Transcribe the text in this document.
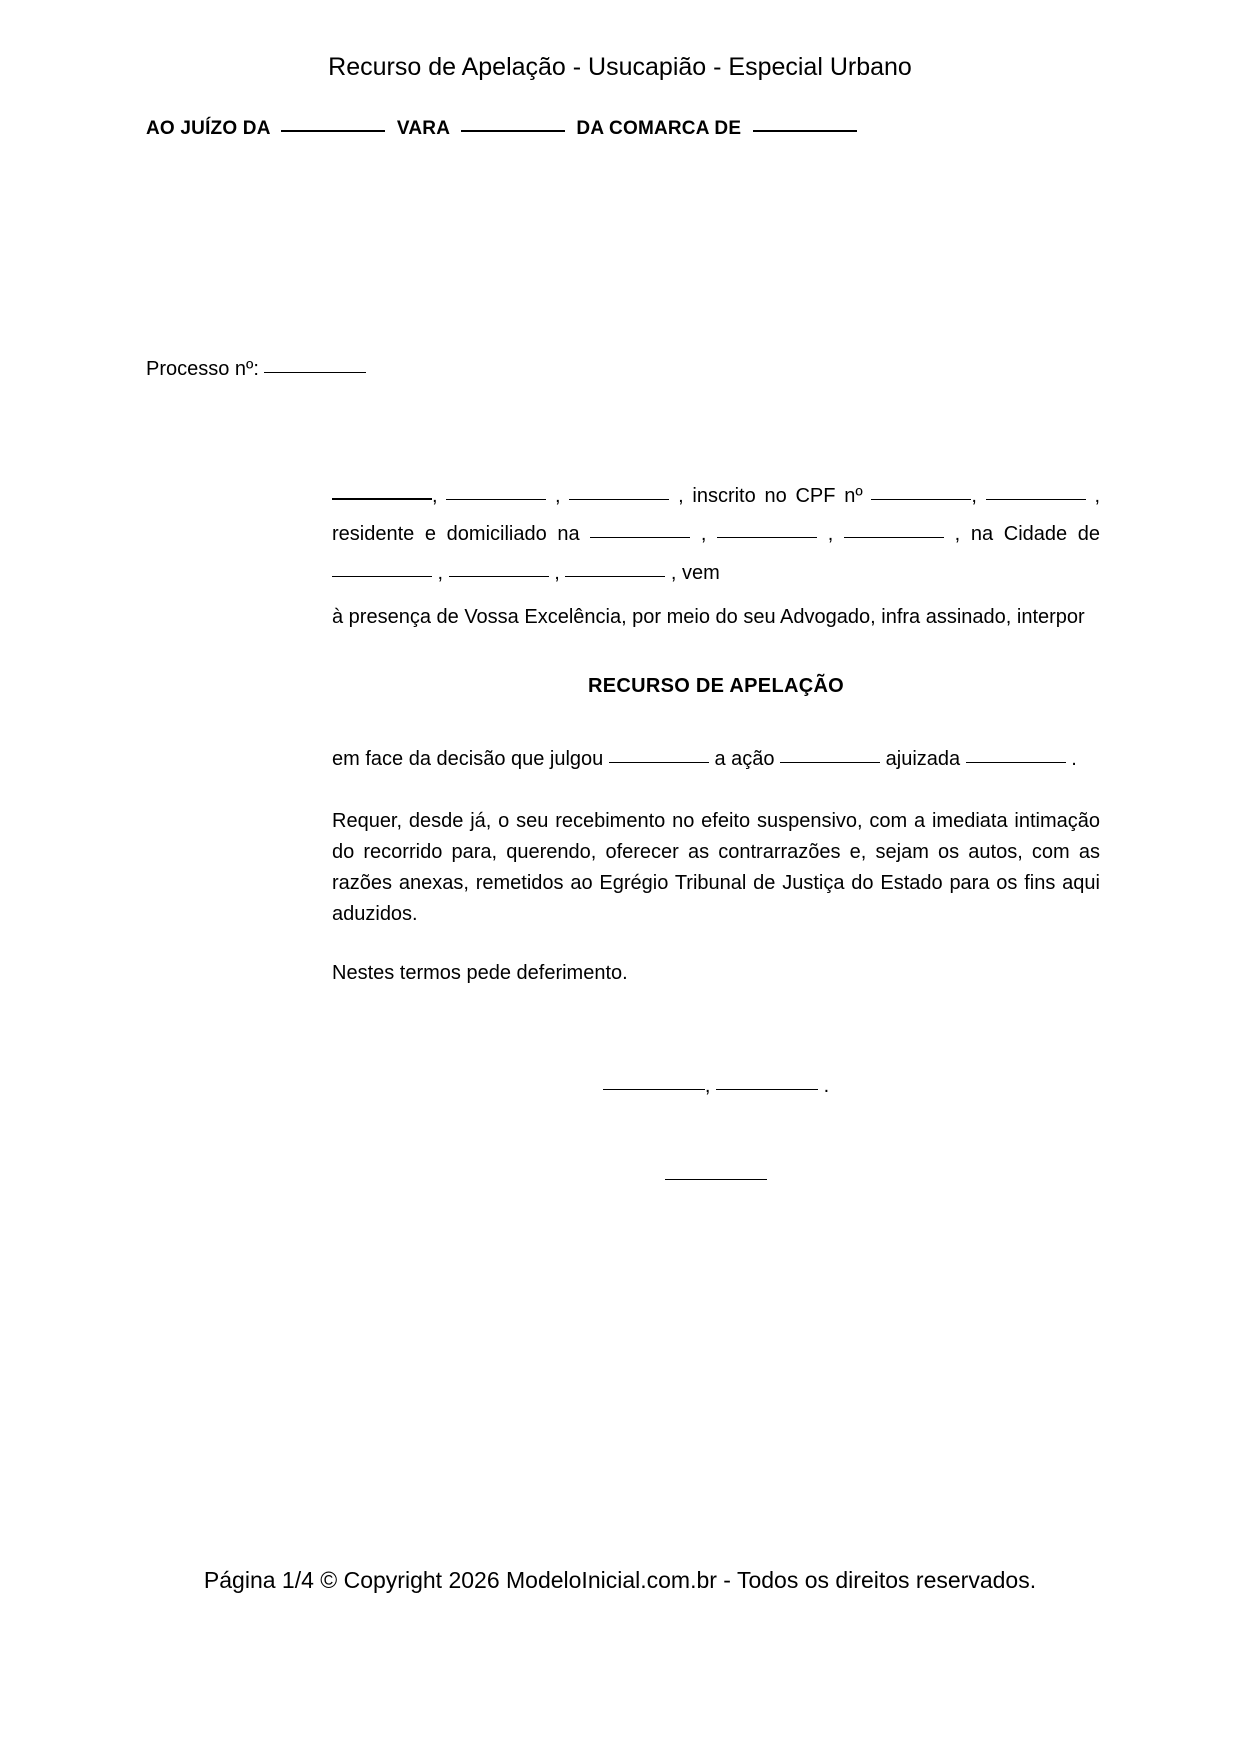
Recurso de Apelação - Usucapião - Especial Urbano
AO JUÍZO DA	VARA	DA COMARCA DE
Processo nº:
,	,	, inscrito no CPF nº	,	, residente e domiciliado na	,	,	, na Cidade de  ,	,	, vem
à presença de Vossa Excelência, por meio do seu Advogado, infra assinado, interpor
RECURSO DE APELAÇÃO
em face da decisão que julgou	a ação	ajuizada	.
Requer, desde já, o seu recebimento no efeito suspensivo, com a imediata intimação do recorrido para, querendo, oferecer as contrarrazões e, sejam os autos, com as razões anexas, remetidos ao Egrégio Tribunal de Justiça do Estado para os fins aqui aduzidos.
Nestes termos pede deferimento.
,	.
Página 1/4 © Copyright 2026 ModeloInicial.com.br - Todos os direitos reservados.
